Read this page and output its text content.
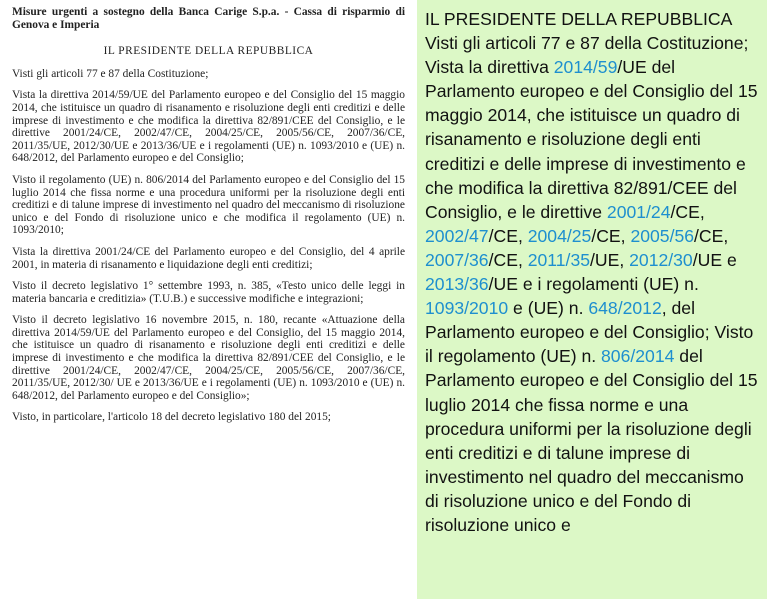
Misure urgenti a sostegno della Banca Carige S.p.a. - Cassa di risparmio di Genova e Imperia
IL PRESIDENTE DELLA REPUBBLICA

Visti gli articoli 77 e 87 della Costituzione;

Vista la direttiva 2014/59/UE del Parlamento europeo e del Consiglio del 15 maggio 2014, che istituisce un quadro di risanamento e risoluzione degli enti creditizi e delle imprese di investimento e che modifica la direttiva 82/891/CEE del Consiglio, e le direttive 2001/24/CE, 2002/47/CE, 2004/25/CE, 2005/56/CE, 2007/36/CE, 2011/35/UE, 2012/30/UE e 2013/36/UE e i regolamenti (UE) n. 1093/2010 e (UE) n. 648/2012, del Parlamento europeo e del Consiglio;

Visto il regolamento (UE) n. 806/2014 del Parlamento europeo e del Consiglio del 15 luglio 2014 che fissa norme e una procedura uniformi per la risoluzione degli enti creditizi e di talune imprese di investimento nel quadro del meccanismo di risoluzione unico e del Fondo di risoluzione unico e che modifica il regolamento (UE) n. 1093/2010;

Vista la direttiva 2001/24/CE del Parlamento europeo e del Consiglio, del 4 aprile 2001, in materia di risanamento e liquidazione degli enti creditizi;

Visto il decreto legislativo 1° settembre 1993, n. 385, «Testo unico delle leggi in materia bancaria e creditizia» (T.U.B.) e successive modifiche e integrazioni;

Visto il decreto legislativo 16 novembre 2015, n. 180, recante «Attuazione della direttiva 2014/59/UE del Parlamento europeo e del Consiglio, del 15 maggio 2014, che istituisce un quadro di risanamento e risoluzione degli enti creditizi e delle imprese di investimento e che modifica la direttiva 82/891/CEE del Consiglio, e le direttive 2001/24/CE, 2002/47/CE, 2004/25/CE, 2005/56/CE, 2007/36/CE, 2011/35/UE, 2012/30/ UE e 2013/36/UE e i regolamenti (UE) n. 1093/2010 e (UE) n. 648/2012, del Parlamento europeo e del Consiglio»;

Visto, in particolare, l'articolo 18 del decreto legislativo 180 del 2015;

IL PRESIDENTE DELLA REPUBBLICA Visti gli articoli 77 e 87 della Costituzione; Vista la direttiva 2014/59/UE del Parlamento europeo e del Consiglio del 15 maggio 2014, che istituisce un quadro di risanamento e risoluzione degli enti creditizi e delle imprese di investimento e che modifica la direttiva 82/891/CEE del Consiglio, e le direttive 2001/24/CE, 2002/47/CE, 2004/25/CE, 2005/56/CE, 2007/36/CE, 2011/35/UE, 2012/30/UE e 2013/36/UE e i regolamenti (UE) n. 1093/2010 e (UE) n. 648/2012, del Parlamento europeo e del Consiglio; Visto il regolamento (UE) n. 806/2014 del Parlamento europeo e del Consiglio del 15 luglio 2014 che fissa norme e una procedura uniformi per la risoluzione degli enti creditizi e di talune imprese di investimento nel quadro del meccanismo di risoluzione unico e del Fondo di risoluzione unico e
